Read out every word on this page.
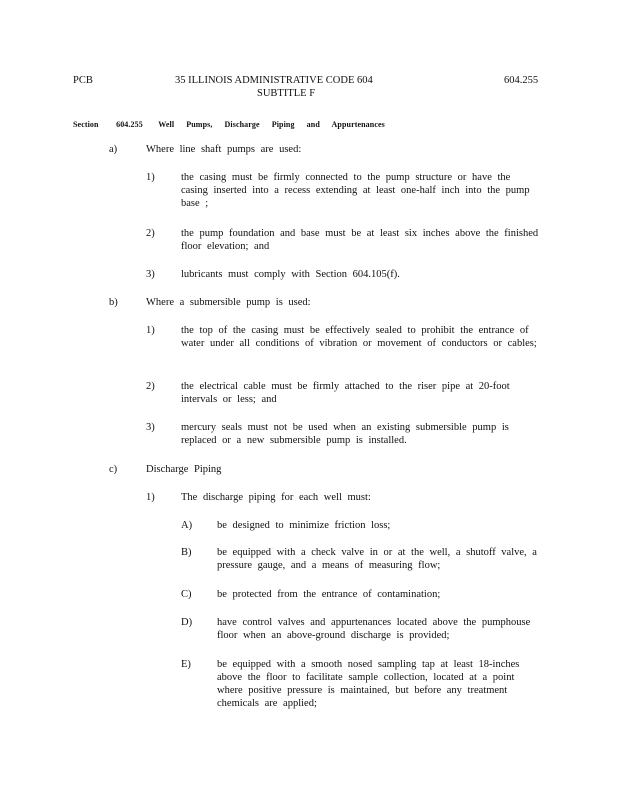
PCB	35 ILLINOIS ADMINISTRATIVE CODE 604
SUBTITLE F
604.255
Section 604.255 Well Pumps, Discharge Piping and Appurtenances
a)	Where line shaft pumps are used:
1)	the casing must be firmly connected to the pump structure or have the casing inserted into a recess extending at least one-half inch into the pump base ;
2)	the pump foundation and base must be at least six inches above the finished floor elevation; and
3)	lubricants must comply with Section 604.105(f).
b)	Where a submersible pump is used:
1)	the top of the casing must be effectively sealed to prohibit the entrance of water under all conditions of vibration or movement of conductors or cables;
2)	the electrical cable must be firmly attached to the riser pipe at 20-foot intervals or less; and
3)	mercury seals must not be used when an existing submersible pump is replaced or a new submersible pump is installed.
c)	Discharge Piping
1)	The discharge piping for each well must:
A) be designed to minimize friction loss;
B) be equipped with a check valve in or at the well, a shutoff valve, a pressure gauge, and a means of measuring flow;
C) be protected from the entrance of contamination;
D) have control valves and appurtenances located above the pumphouse floor when an above-ground discharge is provided;
E) be equipped with a smooth nosed sampling tap at least 18-inches above the floor to facilitate sample collection, located at a point where positive pressure is maintained, but before any treatment chemicals are applied;
